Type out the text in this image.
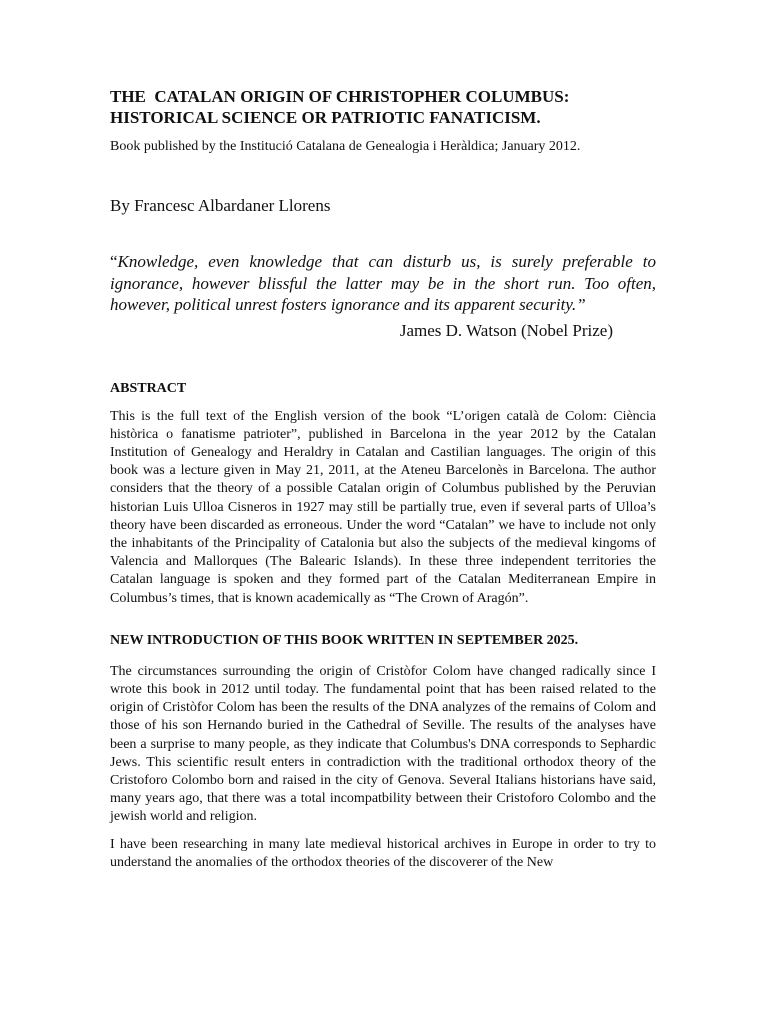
THE  CATALAN ORIGIN OF CHRISTOPHER COLUMBUS:
HISTORICAL SCIENCE OR PATRIOTIC FANATICISM.

Book published by the Institució Catalana de Genealogia i Heràldica; January 2012.

By Francesc Albardaner Llorens

“Knowledge, even knowledge that can disturb us, is surely preferable to ignorance, however blissful the latter may be in the short run. Too often, however, political unrest fosters ignorance and its apparent security.”

James D. Watson (Nobel Prize)

ABSTRACT

This is the full text of the English version of the book “L’origen català de Colom: Ciència històrica o fanatisme patrioter”, published in Barcelona in the year 2012 by the Catalan Institution of Genealogy and Heraldry in Catalan and Castilian languages. The origin of this book was a lecture given in May 21, 2011, at the Ateneu Barcelonès in Barcelona. The author considers that the theory of a possible Catalan origin of Columbus published by the Peruvian historian Luis Ulloa Cisneros in 1927 may still be partially true, even if several parts of Ulloa’s theory have been discarded as erroneous. Under the word “Catalan” we have to include not only the inhabitants of the Principality of Catalonia but also the subjects of the medieval kingoms of Valencia and Mallorques (The Balearic Islands). In these three independent territories the Catalan language is spoken and they formed part of the Catalan Mediterranean Empire in Columbus’s times, that is known academically as “The Crown of Aragón”.

NEW INTRODUCTION OF THIS BOOK WRITTEN IN SEPTEMBER 2025.

The circumstances surrounding the origin of Cristòfor Colom have changed radically since I wrote this book in 2012 until today. The fundamental point that has been raised related to the origin of Cristòfor Colom has been the results of the DNA analyzes of the remains of Colom and those of his son Hernando buried in the Cathedral of Seville. The results of the analyses have been a surprise to many people, as they indicate that Columbus's DNA corresponds to Sephardic Jews. This scientific result enters in contradiction with the traditional orthodox theory of the Cristoforo Colombo born and raised in the city of Genova. Several Italians historians have said, many years ago, that there was a total incompatbility between their Cristoforo Colombo and the jewish world and religion.

I have been researching in many late medieval historical archives in Europe in order to try to understand the anomalies of the orthodox theories of the discoverer of the New
